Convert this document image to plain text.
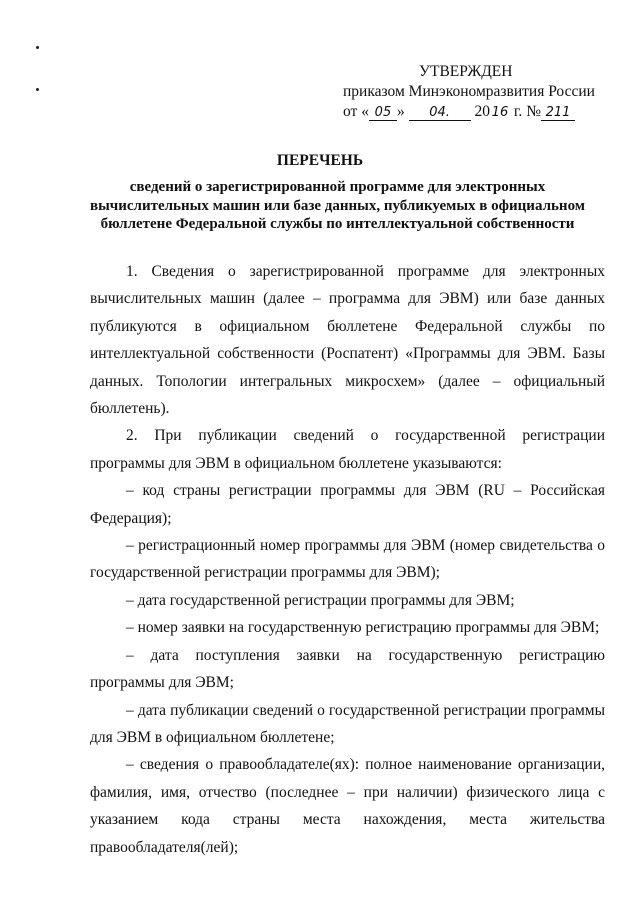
УТВЕРЖДЕН
приказом Минэкономразвития России
от « 05 » 04. 20 16 г. № 211
ПЕРЕЧЕНЬ
сведений о зарегистрированной программе для электронных вычислительных машин или базе данных, публикуемых в официальном бюллетене Федеральной службы по интеллектуальной собственности

1. Сведения о зарегистрированной программе для электронных вычислительных машин (далее – программа для ЭВМ) или базе данных публикуются в официальном бюллетене Федеральной службы по интеллектуальной собственности (Роспатент) «Программы для ЭВМ. Базы данных. Топологии интегральных микросхем» (далее – официальный бюллетень).

2. При публикации сведений о государственной регистрации программы для ЭВМ в официальном бюллетене указываются:

– код страны регистрации программы для ЭВМ (RU – Российская Федерация);

– регистрационный номер программы для ЭВМ (номер свидетельства о государственной регистрации программы для ЭВМ);

– дата государственной регистрации программы для ЭВМ;

– номер заявки на государственную регистрацию программы для ЭВМ;

– дата поступления заявки на государственную регистрацию программы для ЭВМ;

– дата публикации сведений о государственной регистрации программы для ЭВМ в официальном бюллетене;

– сведения о правообладателе(ях): полное наименование организации, фамилия, имя, отчество (последнее – при наличии) физического лица с указанием кода страны места нахождения, места жительства правообладателя(лей);
